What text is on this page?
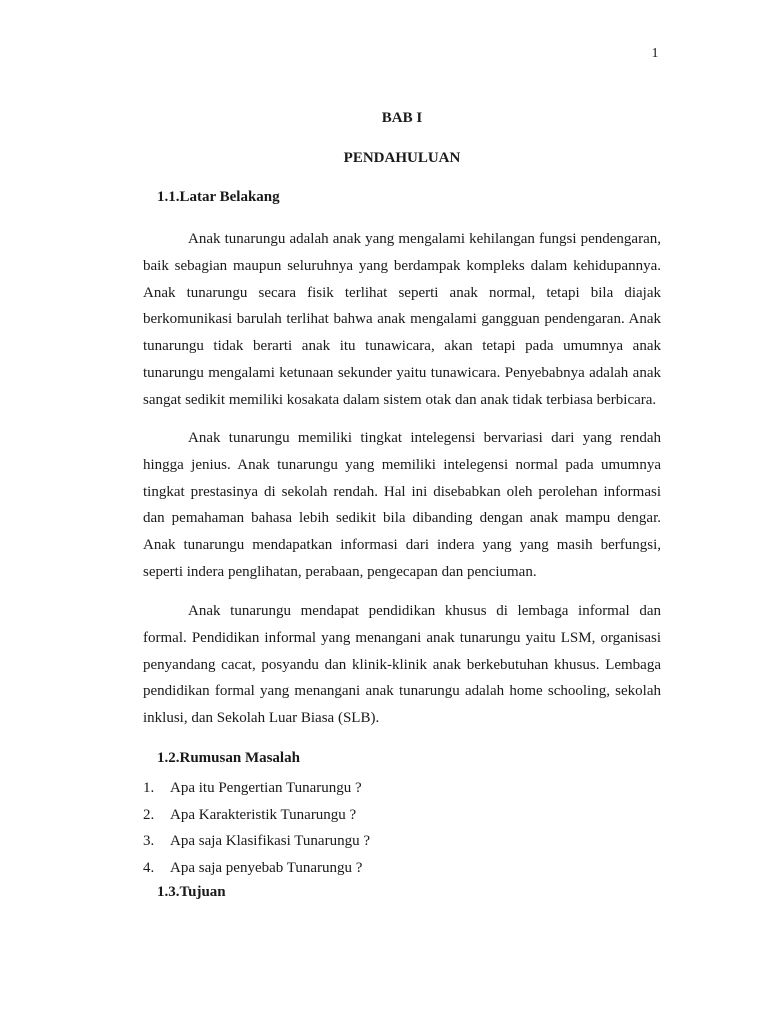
1
BAB I
PENDAHULUAN
1.1.Latar Belakang

Anak tunarungu adalah anak yang mengalami kehilangan fungsi pendengaran, baik sebagian maupun seluruhnya yang berdampak kompleks dalam kehidupannya. Anak tunarungu secara fisik terlihat seperti anak normal, tetapi bila diajak berkomunikasi barulah terlihat bahwa anak mengalami gangguan pendengaran. Anak tunarungu tidak berarti anak itu tunawicara, akan tetapi pada umumnya anak tunarungu mengalami ketunaan sekunder yaitu tunawicara. Penyebabnya adalah anak sangat sedikit memiliki kosakata dalam sistem otak dan anak tidak terbiasa berbicara.

Anak tunarungu memiliki tingkat intelegensi bervariasi dari yang rendah hingga jenius. Anak tunarungu yang memiliki intelegensi normal pada umumnya tingkat prestasinya di sekolah rendah. Hal ini disebabkan oleh perolehan informasi dan pemahaman bahasa lebih sedikit bila dibanding dengan anak mampu dengar. Anak tunarungu mendapatkan informasi dari indera yang yang masih berfungsi, seperti indera penglihatan, perabaan, pengecapan dan penciuman.

Anak tunarungu mendapat pendidikan khusus di lembaga informal dan formal. Pendidikan informal yang menangani anak tunarungu yaitu LSM, organisasi penyandang cacat, posyandu dan klinik-klinik anak berkebutuhan khusus. Lembaga pendidikan formal yang menangani anak tunarungu adalah home schooling, sekolah inklusi, dan Sekolah Luar Biasa (SLB).

1.2.Rumusan Masalah
1. Apa itu Pengertian Tunarungu ?
2. Apa Karakteristik Tunarungu ?
3. Apa saja Klasifikasi Tunarungu ?
4. Apa saja penyebab Tunarungu ?
1.3.Tujuan
